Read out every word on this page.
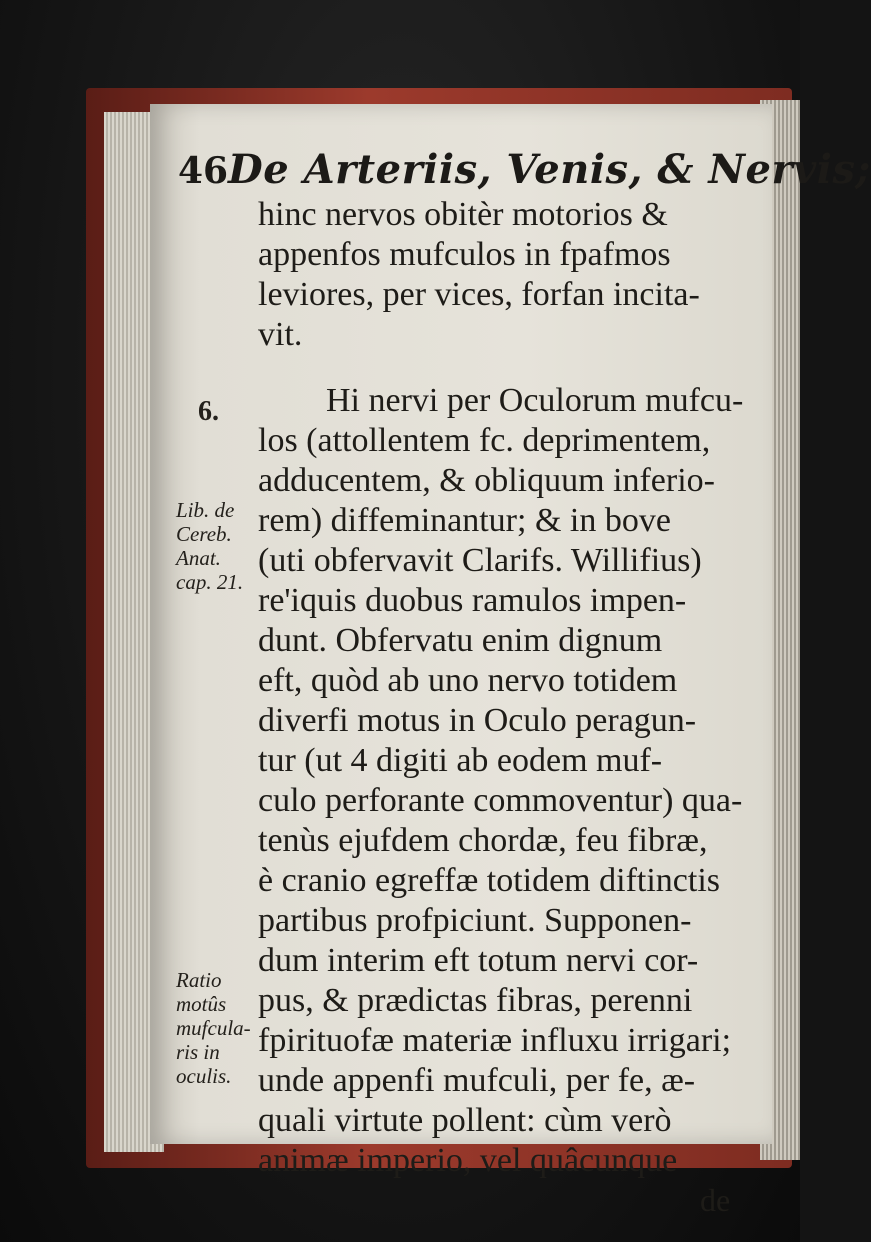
46 De Arteriis, Venis, & Nervis;
6.
Lib. de
Cereb.
Anat.
cap. 21.
Ratio
motûs
mufcula-
ris in
oculis.
hinc nervos obitèr motorios &
appenfos mufculos in fpafmos
leviores, per vices, forfan incita-
vit.
Hi nervi per Oculorum mufcu-
los (attollentem fc. deprimentem,
adducentem, & obliquum inferio-
rem) diffeminantur; & in bove
(uti obfervavit Clarifs. Willifius)
re'iquis duobus ramulos impen-
dunt. Obfervatu enim dignum
eft, quòd ab uno nervo totidem
diverfi motus in Oculo peragun-
tur (ut 4 digiti ab eodem muf-
culo perforante commoventur) qua-
tenùs ejufdem chordæ, feu fibræ,
è cranio egreffæ totidem diftinctis
partibus profpiciunt. Supponen-
dum interim eft totum nervi cor-
pus, & prædictas fibras, perenni
fpirituofæ materiæ influxu irrigari;
unde appenfi mufculi, per fe, æ-
quali virtute pollent: cùm verò
animæ imperio, vel quâcunque
de
